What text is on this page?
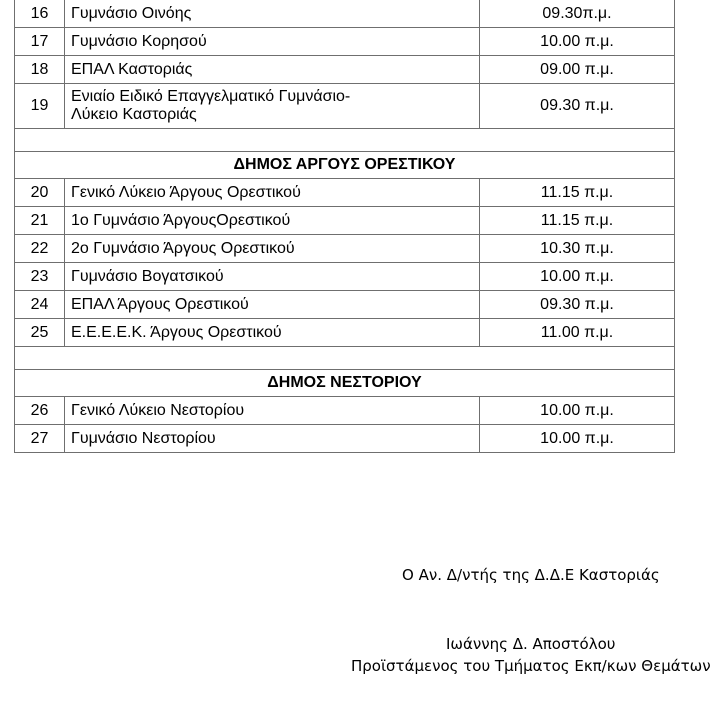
16	Γυμνάσιο Οινόης	09.30π.μ.
17	Γυμνάσιο Κορησού	10.00 π.μ.
18	ΕΠΑΛ Καστοριάς	09.00 π.μ.
19	Ενιαίο Ειδικό Επαγγελματικό Γυμνάσιο-
Λύκειο Καστοριάς	09.30 π.μ.

ΔΗΜΟΣ ΑΡΓΟΥΣ ΟΡΕΣΤΙΚΟΥ		
20	Γενικό Λύκειο Άργους Ορεστικού	11.15 π.μ.
21	1ο Γυμνάσιο ΆργουςΟρεστικού	11.15 π.μ.
22	2ο Γυμνάσιο Άργους Ορεστικού	10.30 π.μ.
23	Γυμνάσιο Βογατσικού	10.00 π.μ.
24	ΕΠΑΛ Άργους Ορεστικού	09.30 π.μ.
25	Ε.Ε.Ε.Ε.Κ. Άργους Ορεστικού	11.00 π.μ.

ΔΗΜΟΣ ΝΕΣΤΟΡΙΟΥ		
26	Γενικό Λύκειο Νεστορίου	10.00 π.μ.
27	Γυμνάσιο Νεστορίου	10.00 π.μ.
Ο Αν. Δ/ντής της Δ.Δ.Ε Καστοριάς
Ιωάννης Δ. Αποστόλου
Προϊστάμενος του Τμήματος Εκπ/κων Θεμάτων
